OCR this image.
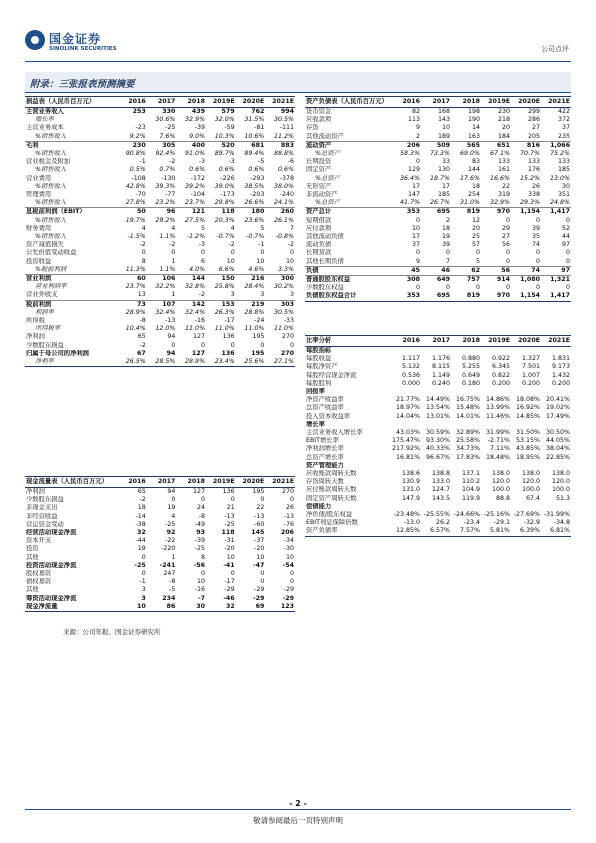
国金证券
SINOLINK SECURITIES	公司点评
附录：三张报表预测摘要
损益表（人民币百万元）	2016	2017	2018	2019E	2020E	2021E
主营业务收入	253	330	439	579	762	994
增长率		30.6%	32.9%	32.0%	31.5%	30.5%
主营业务成本	-23	-25	-39	-59	-81	-111
%销售收入	9.2%	7.6%	9.0%	10.3%	10.6%	11.2%
毛利	230	305	400	520	681	883
%销售收入	90.8%	92.4%	91.0%	89.7%	89.4%	88.8%
营业税金及附加	-1	-2	-3	-3	-5	-6
%销售收入	0.5%	0.7%	0.6%	0.6%	0.6%	0.6%
营业费用	-108	-130	-172	-226	-293	-378
%销售收入	42.8%	39.3%	39.2%	39.0%	38.5%	38.0%
管理费用	-70	-77	-104	-173	-203	-240
%销售收入	27.8%	23.2%	23.7%	29.8%	26.6%	24.1%
息税前利润（EBIT）	50	96	121	118	180	260
%销售收入	19.7%	29.2%	27.5%	20.3%	23.6%	26.1%
财务费用	4	4	5	4	5	7
%销售收入	-1.5%	1.1%	-1.2%	-0.7%	-0.7%	-0.8%
资产减值损失	-2	-2	-3	-2	-1	-2
公允价值变动收益	0	0	0	0	0	0
投资收益	8	1	6	10	10	10
%税前利润	11.3%	1.1%	4.0%	6.6%	4.6%	3.3%
营业利润	60	106	144	150	216	300
营业利润率	23.7%	32.2%	32.8%	25.8%	28.4%	30.2%
营业外收支	13	1	-2	3	3	3
税前利润	73	107	142	153	219	303
利润率	28.9%	32.4%	32.4%	26.3%	28.8%	30.5%
所得税	-8	-13	-16	-17	-24	-33
所得税率	10.4%	12.0%	11.0%	11.0%	11.0%	11.0%
净利润	65	94	127	136	195	270
少数股东损益	-2	0	0	0	0	0
归属于母公司的净利润	67	94	127	136	195	270
净利率	26.5%	28.5%	28.9%	23.4%	25.6%	27.1%
资产负债表（人民币百万元）	2016	2017	2018	2019E	2020E	2021E
货币资金	82	168	198	230	299	422
应收款项	113	143	190	218	286	372
存货	9	10	14	20	27	37
其他流动资产	2	189	163	184	205	235
流动资产	206	509	565	651	816	1,066
%总资产	58.3%	73.3%	69.0%	67.1%	70.7%	75.2%
长期投资	0	33	83	133	133	133
固定资产	129	130	144	161	176	185
%总资产	36.4%	18.7%	17.6%	16.6%	15.2%	13.0%
无形资产	17	17	18	22	26	30
非流动资产	147	185	254	319	338	351
%总资产	41.7%	26.7%	31.0%	32.9%	29.3%	24.8%
资产总计	353	695	819	970	1,154	1,417
短期借款	0	2	12	0	0	0
应付款项	10	18	20	29	39	52
其他流动负债	17	19	25	27	35	44
流动负债	37	39	57	56	74	97
长期贷款	0	0	0	0	0	0
其他长期负债	9	7	5	0	0	0
负债	45	46	62	56	74	97
普通股股东权益	308	649	757	914	1,080	1,321
少数股东权益	0	0	0	0	0	0
负债股东权益合计	353	695	819	970	1,154	1,417
比率分析	2016	2017	2018	2019E	2020E	2021E
每股指标						
每股收益	1.117	1.176	0.880	0.922	1.327	1.831
每股净资产	5.132	8.115	5.255	6.345	7.501	9.173
每股经营现金净流	0.536	1.149	0.649	0.822	1.007	1.432
每股股利	0.000	0.240	0.180	0.200	0.200	0.200
回报率						
净资产收益率	21.77%	14.49%	16.75%	14.86%	18.08%	20.41%
总资产收益率	18.97%	13.54%	15.48%	13.99%	16.92%	19.02%
投入资本收益率	14.04%	13.01%	14.01%	11.46%	14.85%	17.49%
增长率						
主营业务收入增长率	43.03%	30.59%	32.89%	31.99%	31.50%	30.50%
EBIT增长率	175.47%	93.30%	25.58%	-2.71%	53.15%	44.05%
净利润增长率	217.92%	40.33%	34.73%	7.11%	43.85%	38.04%
总资产增长率	16.81%	96.67%	17.83%	18.48%	18.95%	22.85%
资产管理能力						
应收账款周转天数	138.6	138.8	137.1	138.0	138.0	138.0
存货周转天数	130.9	133.0	110.2	120.0	120.0	120.0
应付账款周转天数	131.0	124.7	104.9	100.0	100.0	100.0
固定资产周转天数	147.9	143.5	119.9	88.8	67.4	51.3
偿债能力						
净负债/股东权益	-23.48%	-25.55%	-24.66%	-25.16%	-27.69%	-31.99%
EBIT利息保障倍数	-13.0	26.2	-23.4	-29.1	-32.9	-34.8
资产负债率	12.85%	6.57%	7.57%	5.81%	6.39%	6.81%
现金流量表（人民币百万元）	2016	2017	2018	2019E	2020E	2021E
净利润	65	94	127	136	195	270
少数股东损益	-2	0	0	0	0	0
非现金支出	18	19	24	21	22	26
非经营收益	-14	4	-8	-13	-13	-13
营运资金变动	-38	-25	-49	-25	-60	-76
经营活动现金净流	32	92	93	118	145	206
资本开支	-44	-22	-39	-31	-37	-34
投资	19	-220	-25	-20	-20	-30
其他	0	1	8	10	10	10
投资活动现金净流	-25	-241	-56	-41	-47	-54
股权募资	0	247	0	0	0	0
债权募资	-1	-8	10	-17	0	0
其他	3	-5	-16	-29	-29	-29
筹资活动现金净流	3	234	-7	-46	-29	-29
现金净流量	10	86	30	32	69	123
来源：公司年报、国金证券研究所
- 2 -
敬请参阅最后一页特别声明
